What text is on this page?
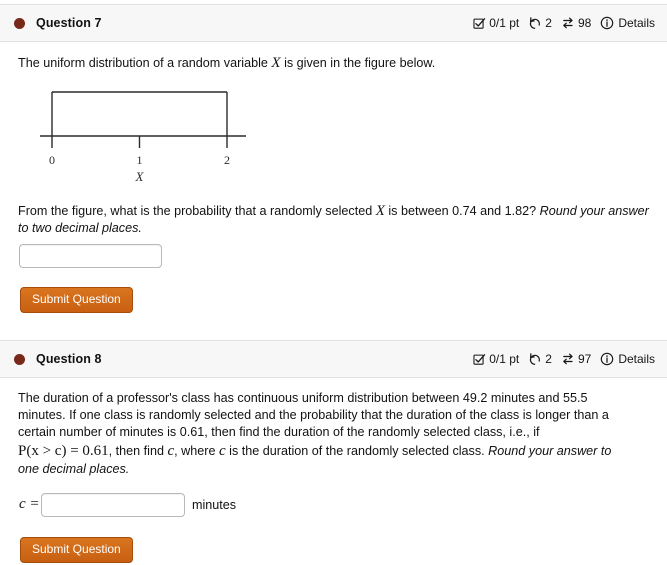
Question 7	0/1 pt 2 98 Details
The uniform distribution of a random variable X is given in the figure below.
0	1	2
X
From the figure, what is the probability that a randomly selected X is between 0.74 and 1.82? Round your answer to two decimal places.
Submit Question
Question 8	0/1 pt 2 97 Details
The duration of a professor's class has continuous uniform distribution between 49.2 minutes and 55.5
minutes. If one class is randomly selected and the probability that the duration of the class is longer than a
certain number of minutes is 0.61, then find the duration of the randomly selected class, i.e., if
P(x > c) = 0.61, then find c, where c is the duration of the randomly selected class. Round your answer to
one decimal places.
c =	minutes
Submit Question
